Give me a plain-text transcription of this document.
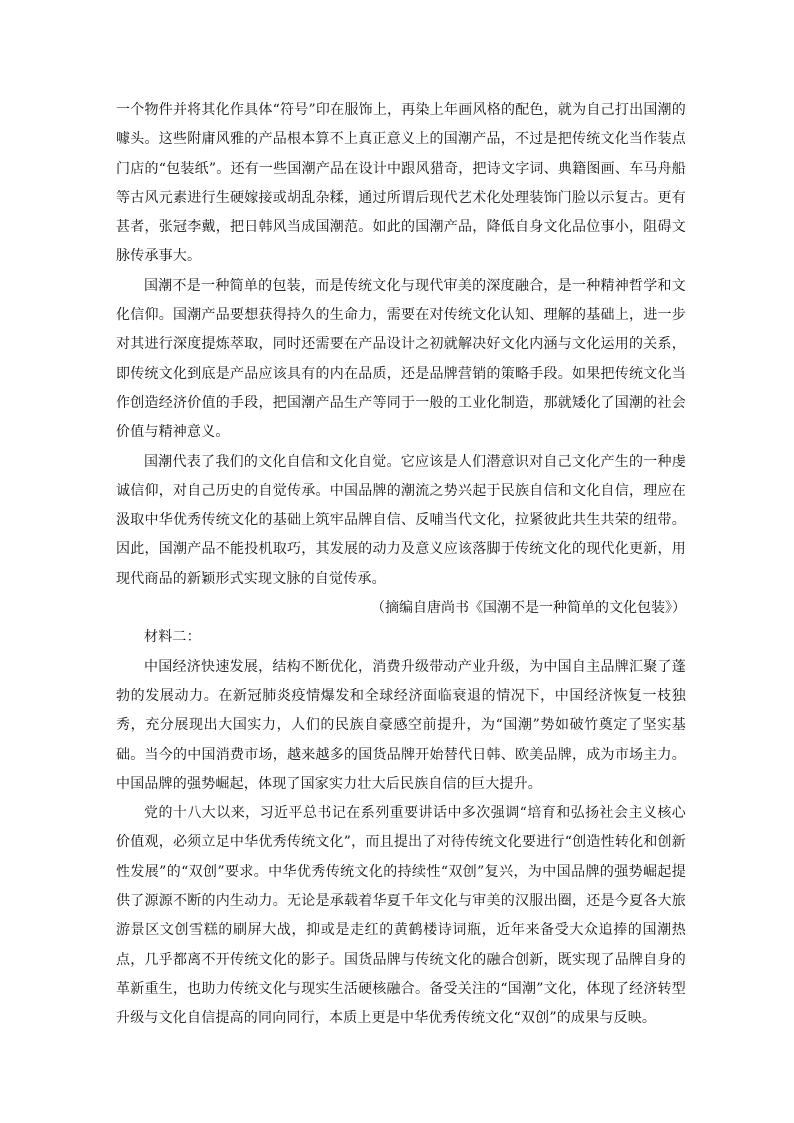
一个物件并将其化作具体“符号”印在服饰上，再染上年画风格的配色，就为自己打出国潮的噱头。这些附庸风雅的产品根本算不上真正意义上的国潮产品，不过是把传统文化当作装点门店的“包装纸”。还有一些国潮产品在设计中跟风猎奇，把诗文字词、典籍图画、车马舟船等古风元素进行生硬嫁接或胡乱杂糅，通过所谓后现代艺术化处理装饰门脸以示复古。更有甚者，张冠李戴，把日韩风当成国潮范。如此的国潮产品，降低自身文化品位事小，阻碍文脉传承事大。

国潮不是一种简单的包装，而是传统文化与现代审美的深度融合，是一种精神哲学和文化信仰。国潮产品要想获得持久的生命力，需要在对传统文化认知、理解的基础上，进一步对其进行深度提炼萃取，同时还需要在产品设计之初就解决好文化内涵与文化运用的关系，即传统文化到底是产品应该具有的内在品质，还是品牌营销的策略手段。如果把传统文化当作创造经济价值的手段，把国潮产品生产等同于一般的工业化制造，那就矮化了国潮的社会价值与精神意义。

国潮代表了我们的文化自信和文化自觉。它应该是人们潜意识对自己文化产生的一种虔诚信仰，对自己历史的自觉传承。中国品牌的潮流之势兴起于民族自信和文化自信，理应在汲取中华优秀传统文化的基础上筑牢品牌自信、反哺当代文化，拉紧彼此共生共荣的纽带。因此，国潮产品不能投机取巧，其发展的动力及意义应该落脚于传统文化的现代化更新，用现代商品的新颖形式实现文脉的自觉传承。

（摘编自唐尚书《国潮不是一种简单的文化包装》）

材料二：

中国经济快速发展，结构不断优化，消费升级带动产业升级，为中国自主品牌汇聚了蓬勃的发展动力。在新冠肺炎疫情爆发和全球经济面临衰退的情况下，中国经济恢复一枝独秀，充分展现出大国实力，人们的民族自豪感空前提升，为“国潮”势如破竹奠定了坚实基础。当今的中国消费市场，越来越多的国货品牌开始替代日韩、欧美品牌，成为市场主力。中国品牌的强势崛起，体现了国家实力壮大后民族自信的巨大提升。

党的十八大以来，习近平总书记在系列重要讲话中多次强调“培育和弘扬社会主义核心价值观，必须立足中华优秀传统文化”，而且提出了对待传统文化要进行“创造性转化和创新性发展”的“双创”要求。中华优秀传统文化的持续性“双创”复兴，为中国品牌的强势崛起提供了源源不断的内生动力。无论是承载着华夏千年文化与审美的汉服出圈，还是今夏各大旅游景区文创雪糕的刷屏大战，抑或是走红的黄鹤楼诗词瓶，近年来备受大众追捧的国潮热点，几乎都离不开传统文化的影子。国货品牌与传统文化的融合创新，既实现了品牌自身的革新重生，也助力传统文化与现实生活硬核融合。备受关注的“国潮”文化，体现了经济转型升级与文化自信提高的同向同行，本质上更是中华优秀传统文化“双创”的成果与反映。
